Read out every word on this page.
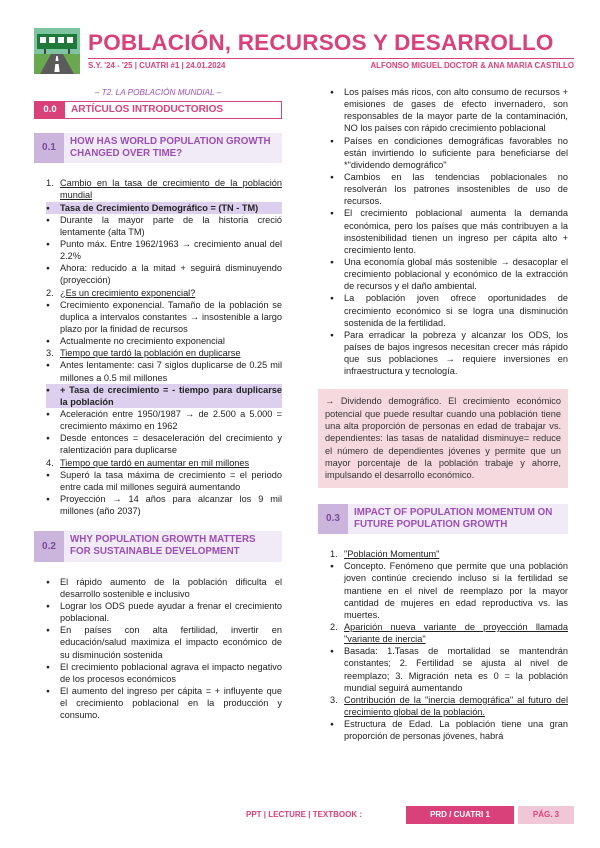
POBLACIÓN, RECURSOS Y DESARROLLO
S.Y. '24 - '25 | CUATRI #1 | 24.01.2024	ALFONSO MIGUEL DOCTOR & ANA MARIA CASTILLO
– T2. LA POBLACIÓN MUNDIAL –
0.0	ARTÍCULOS INTRODUCTORIOS
0.1
HOW HAS WORLD POPULATION GROWTH CHANGED OVER TIME?
1. Cambio en la tasa de crecimiento de la población mundial
●
Tasa de Crecimiento Demográfico = (TN - TM)
●
Durante la mayor parte de la historia creció lentamente (alta TM)
●
Punto máx. Entre 1962/1963 → crecimiento anual del 2.2%
●
Ahora: reducido a la mitad + seguirá disminuyendo (proyección)
2. ¿Es un crecimiento exponencial?
●
Crecimiento exponencial. Tamaño de la población se duplica a intervalos constantes → insostenible a largo plazo por la finidad de recursos
●
Actualmente no crecimiento exponencial
3. Tiempo que tardó la población en duplicarse
●
Antes lentamente: casi 7 siglos duplicarse de 0.25 mil millones a 0.5 mil millones
●
+ Tasa de crecimiento = - tiempo para duplicarse la población
●
Aceleración entre 1950/1987 → de 2.500 a 5.000 = crecimiento máximo en 1962
●
Desde entonces = desaceleración del crecimiento y ralentización para duplicarse
4. Tiempo que tardó en aumentar en mil millones
●
Superó la tasa máxima de crecimiento = el periodo entre cada mil millones seguirá aumentando
●
Proyección → 14 años para alcanzar los 9 mil millones (año 2037)
0.2
WHY POPULATION GROWTH MATTERS FOR SUSTAINABLE DEVELOPMENT
●
El rápido aumento de la población dificulta el desarrollo sostenible e inclusivo
●
Lograr los ODS puede ayudar a frenar el crecimiento poblacional.
●
En países con alta fertilidad, invertir en educación/salud maximiza el impacto económico de su disminución sostenida
●
El crecimiento poblacional agrava el impacto negativo de los procesos económicos
●
El aumento del ingreso per cápita = + influyente que el crecimiento poblacional en la producción y consumo.
●
Los países más ricos, con alto consumo de recursos + emisiones de gases de efecto invernadero, son responsables de la mayor parte de la contaminación, NO los países con rápido crecimiento poblacional
●
Países en condiciones demográficas favorables no están invirtiendo lo suficiente para beneficiarse del *"dividendo demográfico"
●
Cambios en las tendencias poblacionales no resolverán los patrones insostenibles de uso de recursos.
●
El crecimiento poblacional aumenta la demanda económica, pero los países que más contribuyen a la insostenibilidad tienen un ingreso per cápita alto + crecimiento lento.
●
Una economía global más sostenible → desacoplar el crecimiento poblacional y económico de la extracción de recursos y el daño ambiental.
●
La población joven ofrece oportunidades de crecimiento económico si se logra una disminución sostenida de la fertilidad.
●
Para erradicar la pobreza y alcanzar los ODS, los países de bajos ingresos necesitan crecer más rápido que sus poblaciones → requiere inversiones en infraestructura y tecnología.
→ Dividendo demográfico. El crecimiento económico potencial que puede resultar cuando una población tiene una alta proporción de personas en edad de trabajar vs. dependientes: las tasas de natalidad disminuye= reduce el número de dependientes jóvenes y permite que un mayor porcentaje de la población trabaje y ahorre, impulsando el desarrollo económico.
0.3
IMPACT OF POPULATION MOMENTUM ON FUTURE POPULATION GROWTH
1. "Población Momentum"
●
Concepto. Fenómeno que permite que una población joven continúe creciendo incluso si la fertilidad se mantiene en el nivel de reemplazo por la mayor cantidad de mujeres en edad reproductiva vs. las muertes.
2. Aparición nueva variante de proyección llamada "variante de inercia"
●
Basada: 1.Tasas de mortalidad se mantendrán constantes; 2. Fertilidad se ajusta al nivel de reemplazo; 3. Migración neta es 0 = la población mundial seguirá aumentando
3. Contribución de la "inercia demográfica" al futuro del crecimiento global de la población.
●
Estructura de Edad. La población tiene una gran proporción de personas jóvenes, habrá
PPT | LECTURE | TEXTBOOK :	PRD / CUATRI 1	PÁG. 3
